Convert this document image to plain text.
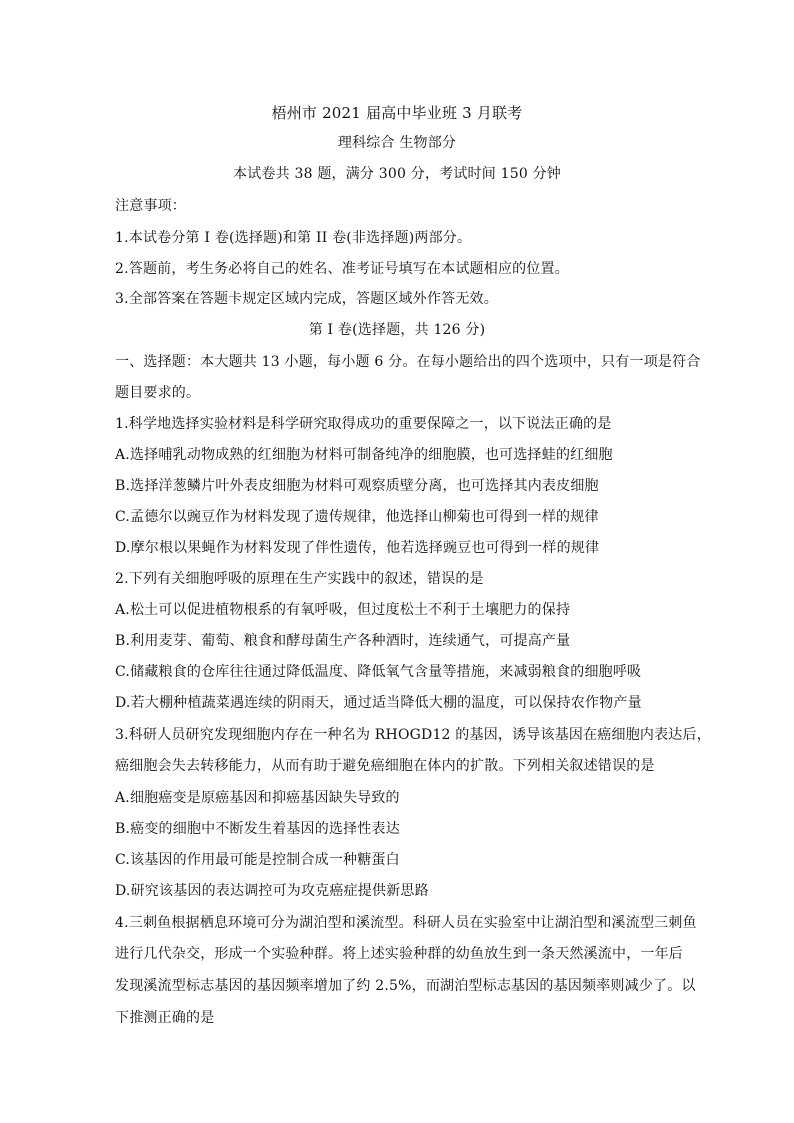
梧州市 2021 届高中毕业班 3 月联考
理科综合 生物部分
本试卷共 38 题，满分 300 分，考试时间 150 分钟
注意事项：
1.本试卷分第 I 卷(选择题)和第 II 卷(非选择题)两部分。
2.答题前，考生务必将自己的姓名、准考证号填写在本试题相应的位置。
3.全部答案在答题卡规定区域内完成，答题区域外作答无效。
第 I 卷(选择题，共 126 分)
一、选择题：本大题共 13 小题，每小题 6 分。在每小题给出的四个选项中，只有一项是符合
题目要求的。
1.科学地选择实验材料是科学研究取得成功的重要保障之一，以下说法正确的是
A.选择哺乳动物成熟的红细胞为材料可制备纯净的细胞膜，也可选择蛙的红细胞
B.选择洋葱鳞片叶外表皮细胞为材料可观察质壁分离，也可选择其内表皮细胞
C.孟德尔以豌豆作为材料发现了遗传规律，他选择山柳菊也可得到一样的规律
D.摩尔根以果蝇作为材料发现了伴性遗传，他若选择豌豆也可得到一样的规律
2.下列有关细胞呼吸的原理在生产实践中的叙述，错误的是
A.松土可以促进植物根系的有氧呼吸，但过度松土不利于土壤肥力的保持
B.利用麦芽、葡萄、粮食和酵母菌生产各种酒时，连续通气，可提高产量
C.储藏粮食的仓库往往通过降低温度、降低氧气含量等措施，来减弱粮食的细胞呼吸
D.若大棚种植蔬菜遇连续的阴雨天，通过适当降低大棚的温度，可以保持农作物产量
3.科研人员研究发现细胞内存在一种名为 RHOGD12 的基因，诱导该基因在癌细胞内表达后，
癌细胞会失去转移能力，从而有助于避免癌细胞在体内的扩散。下列相关叙述错误的是
A.细胞癌变是原癌基因和抑癌基因缺失导致的
B.癌变的细胞中不断发生着基因的选择性表达
C.该基因的作用最可能是控制合成一种糖蛋白
D.研究该基因的表达调控可为攻克癌症提供新思路
4.三刺鱼根据栖息环境可分为湖泊型和溪流型。科研人员在实验室中让湖泊型和溪流型三刺鱼
进行几代杂交，形成一个实验种群。将上述实验种群的幼鱼放生到一条天然溪流中，一年后
发现溪流型标志基因的基因频率增加了约 2.5%，而湖泊型标志基因的基因频率则减少了。以
下推测正确的是
